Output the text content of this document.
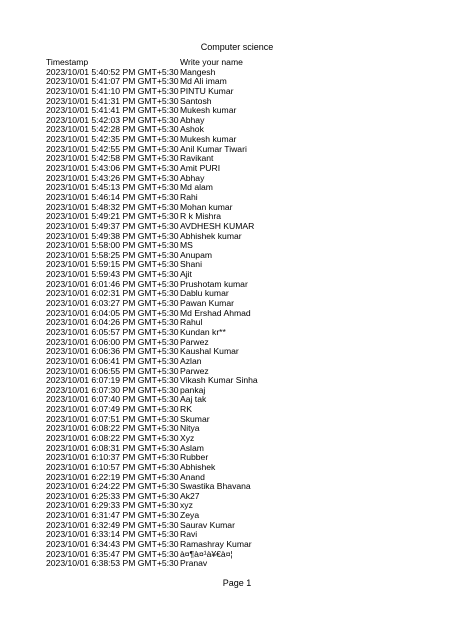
Computer science
Timestamp	Write your name
2023/10/01 5:40:52 PM GMT+5:30 Mangesh
2023/10/01 5:41:07 PM GMT+5:30 Md Ali imam
2023/10/01 5:41:10 PM GMT+5:30 PINTU Kumar
2023/10/01 5:41:31 PM GMT+5:30 Santosh
2023/10/01 5:41:41 PM GMT+5:30 Mukesh kumar
2023/10/01 5:42:03 PM GMT+5:30 Abhay
2023/10/01 5:42:28 PM GMT+5:30 Ashok
2023/10/01 5:42:35 PM GMT+5:30 Mukesh kumar
2023/10/01 5:42:55 PM GMT+5:30 Anil Kumar Tiwari
2023/10/01 5:42:58 PM GMT+5:30 Ravikant
2023/10/01 5:43:06 PM GMT+5:30 Amit PURI
2023/10/01 5:43:26 PM GMT+5:30 Abhay
2023/10/01 5:45:13 PM GMT+5:30 Md alam
2023/10/01 5:46:14 PM GMT+5:30 Rahi
2023/10/01 5:48:32 PM GMT+5:30 Mohan kumar
2023/10/01 5:49:21 PM GMT+5:30 R k Mishra
2023/10/01 5:49:37 PM GMT+5:30 AVDHESH KUMAR
2023/10/01 5:49:38 PM GMT+5:30 Abhishek kumar
2023/10/01 5:58:00 PM GMT+5:30 MS
2023/10/01 5:58:25 PM GMT+5:30 Anupam
2023/10/01 5:59:15 PM GMT+5:30 Shani
2023/10/01 5:59:43 PM GMT+5:30 Ajit
2023/10/01 6:01:46 PM GMT+5:30 Prushotam kumar
2023/10/01 6:02:31 PM GMT+5:30 Dablu kumar
2023/10/01 6:03:27 PM GMT+5:30 Pawan Kumar
2023/10/01 6:04:05 PM GMT+5:30 Md Ershad Ahmad
2023/10/01 6:04:26 PM GMT+5:30 Rahul
2023/10/01 6:05:57 PM GMT+5:30 Kundan kr**
2023/10/01 6:06:00 PM GMT+5:30 Parwez
2023/10/01 6:06:36 PM GMT+5:30 Kaushal Kumar
2023/10/01 6:06:41 PM GMT+5:30 Azlan
2023/10/01 6:06:55 PM GMT+5:30 Parwez
2023/10/01 6:07:19 PM GMT+5:30 Vikash Kumar Sinha
2023/10/01 6:07:30 PM GMT+5:30 pankaj
2023/10/01 6:07:40 PM GMT+5:30 Aaj tak
2023/10/01 6:07:49 PM GMT+5:30 RK
2023/10/01 6:07:51 PM GMT+5:30 Skumar
2023/10/01 6:08:22 PM GMT+5:30 Nitya
2023/10/01 6:08:22 PM GMT+5:30 Xyz
2023/10/01 6:08:31 PM GMT+5:30 Aslam
2023/10/01 6:10:37 PM GMT+5:30 Rubber
2023/10/01 6:10:57 PM GMT+5:30 Abhishek
2023/10/01 6:22:19 PM GMT+5:30 Anand
2023/10/01 6:24:22 PM GMT+5:30 Swastika Bhavana
2023/10/01 6:25:33 PM GMT+5:30 Ak27
2023/10/01 6:29:33 PM GMT+5:30 xyz
2023/10/01 6:31:47 PM GMT+5:30 Zeya
2023/10/01 6:32:49 PM GMT+5:30 Saurav Kumar
2023/10/01 6:33:14 PM GMT+5:30 Ravi
2023/10/01 6:34:43 PM GMT+5:30 Ramashray Kumar
2023/10/01 6:35:47 PM GMT+5:30 à¤¶à¤¹à¥€à¤¦
2023/10/01 6:38:53 PM GMT+5:30 Pranav
Page 1
